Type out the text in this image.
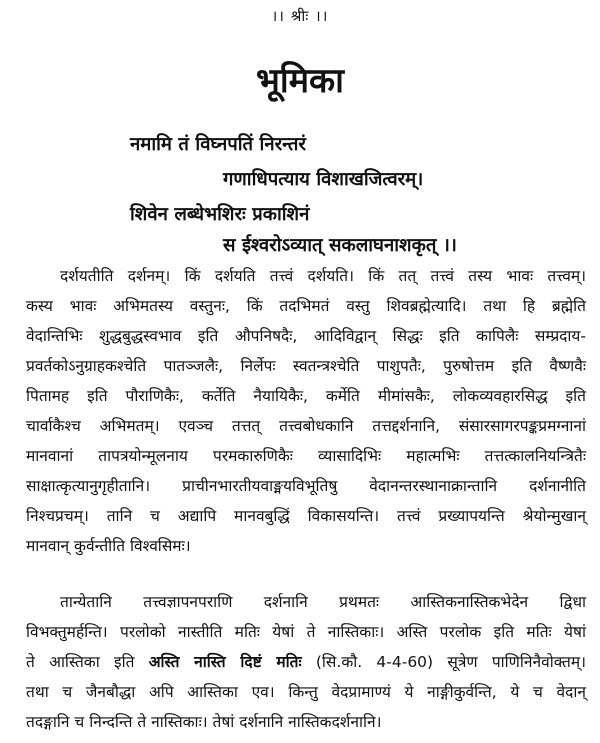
।। श्रीः ।।
भूमिका
नमामि तं विघ्नपतिं निरन्तरं
गणाधिपत्याय विशाखजित्वरम्।
शिवेन लब्धेभशिरः प्रकाशिनं
स ईश्वरोऽव्यात् सकलाघनाशकृत् ।।
दर्शयतीति दर्शनम्। किं दर्शयति तत्त्वं दर्शयति। किं तत् तत्त्वं तस्य भावः तत्त्वम्।
कस्य भावः अभिमतस्य वस्तुनः, किं तदभिमतं वस्तु शिवब्रह्मेत्यादि। तथा हि ब्रह्मेति
वेदान्तिभिः शुद्धबुद्धस्वभाव इति औपनिषदैः, आदिविद्वान् सिद्धः इति कापिलैः सम्प्रदाय-
प्रवर्तकोऽनुग्राहकश्चेति पातञ्जलैः, निर्लेपः स्वतन्त्रश्चेति पाशुपतैः, पुरुषोत्तम इति वैष्णवैः
पितामह इति पौराणिकैः, कर्तेति नैयायिकैः, कर्मेति मीमांसकैः, लोकव्यवहारसिद्ध इति
चार्वाकैश्च अभिमतम्। एवञ्च तत्तत् तत्त्वबोधकानि तत्तद्दर्शनानि, संसारसागरपङ्कप्रमग्नानां
मानवानां तापत्रयोन्मूलनाय परमकारुणिकैः व्यासादिभिः महात्मभिः तत्तत्कालनियन्त्रितैः
साक्षात्कृत्यानुगृहीतानि। प्राचीनभारतीयवाङ्मयविभूतिषु वेदानन्तरस्थानाक्रान्तानि दर्शनानीति
निश्चप्रचम्। तानि च अद्यापि मानवबुद्धिं विकासयन्ति। तत्त्वं प्रख्यापयन्ति श्रेयोन्मुखान्
मानवान् कुर्वन्तीति विश्वसिमः।
तान्येतानि तत्त्वज्ञापनपराणि दर्शनानि प्रथमतः आस्तिकनास्तिकभेदेन द्विधा
विभक्तुमर्हन्ति। परलोको नास्तीति मतिः येषां ते नास्तिकाः। अस्ति परलोक इति मतिः येषां
ते आस्तिका इति अस्ति नास्ति दिष्टं मतिः (सि.कौ. 4-4-60) सूत्रेण पाणिनिनैवोक्तम्।
तथा च जैनबौद्धा अपि आस्तिका एव। किन्तु वेदप्रामाण्यं ये नाङ्गीकुर्वन्ति, ये च वेदान्
तदङ्गानि च निन्दन्ति ते नास्तिकाः। तेषां दर्शनानि नास्तिकदर्शनानि।
